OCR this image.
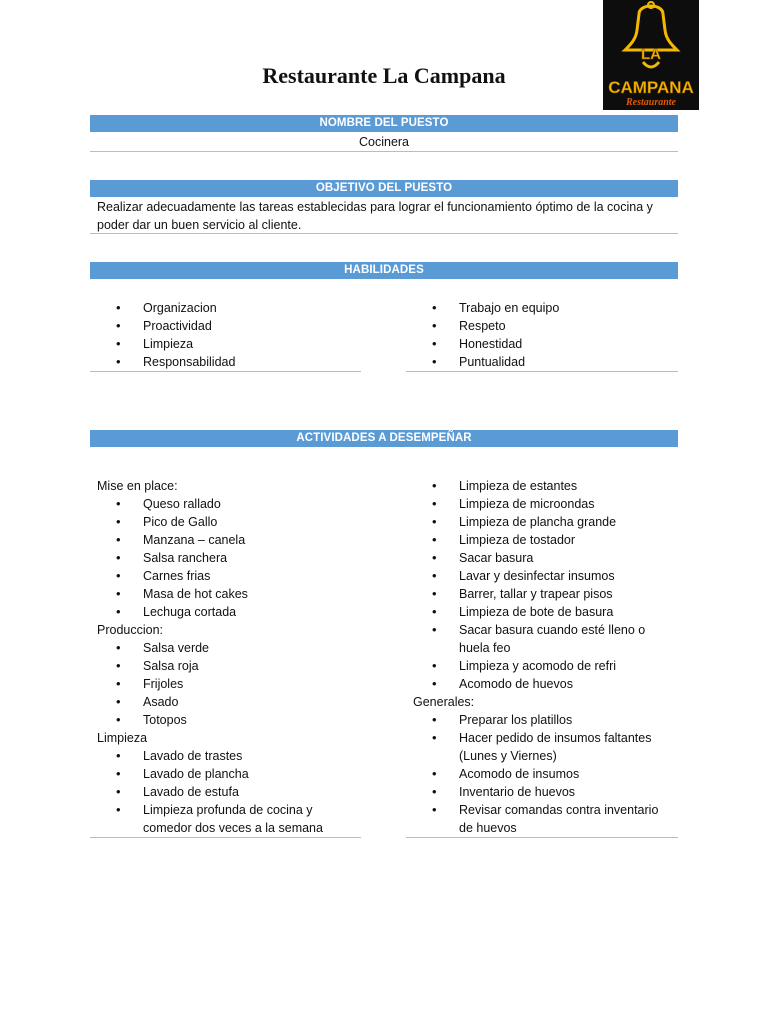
Restaurante La Campana
LA
CAMPANA
Restaurante
NOMBRE DEL PUESTO
Cocinera
OBJETIVO DEL PUESTO
Realizar adecuadamente las tareas establecidas para lograr el funcionamiento óptimo de la cocina y poder dar un buen servicio al cliente.
HABILIDADES
• Organizacion
• Proactividad
• Limpieza
• Responsabilidad
• Trabajo en equipo
• Respeto
• Honestidad
• Puntualidad
ACTIVIDADES A DESEMPEÑAR
Mise en place:
• Queso rallado
• Pico de Gallo
• Manzana – canela
• Salsa ranchera
• Carnes frias
• Masa de hot cakes
• Lechuga cortada
Produccion:
• Salsa verde
• Salsa roja
• Frijoles
• Asado
• Totopos
Limpieza
• Lavado de trastes
• Lavado de plancha
• Lavado de estufa
• Limpieza profunda de cocina y comedor dos veces a la semana
• Limpieza de estantes
• Limpieza de microondas
• Limpieza de plancha grande
• Limpieza de tostador
• Sacar basura
• Lavar y desinfectar insumos
• Barrer, tallar y trapear pisos
• Limpieza de bote de basura
• Sacar basura cuando esté lleno o huela feo
• Limpieza y acomodo de refri
• Acomodo de huevos
Generales:
• Preparar los platillos
• Hacer pedido de insumos faltantes (Lunes y Viernes)
• Acomodo de insumos
• Inventario de huevos
• Revisar comandas contra inventario de huevos
